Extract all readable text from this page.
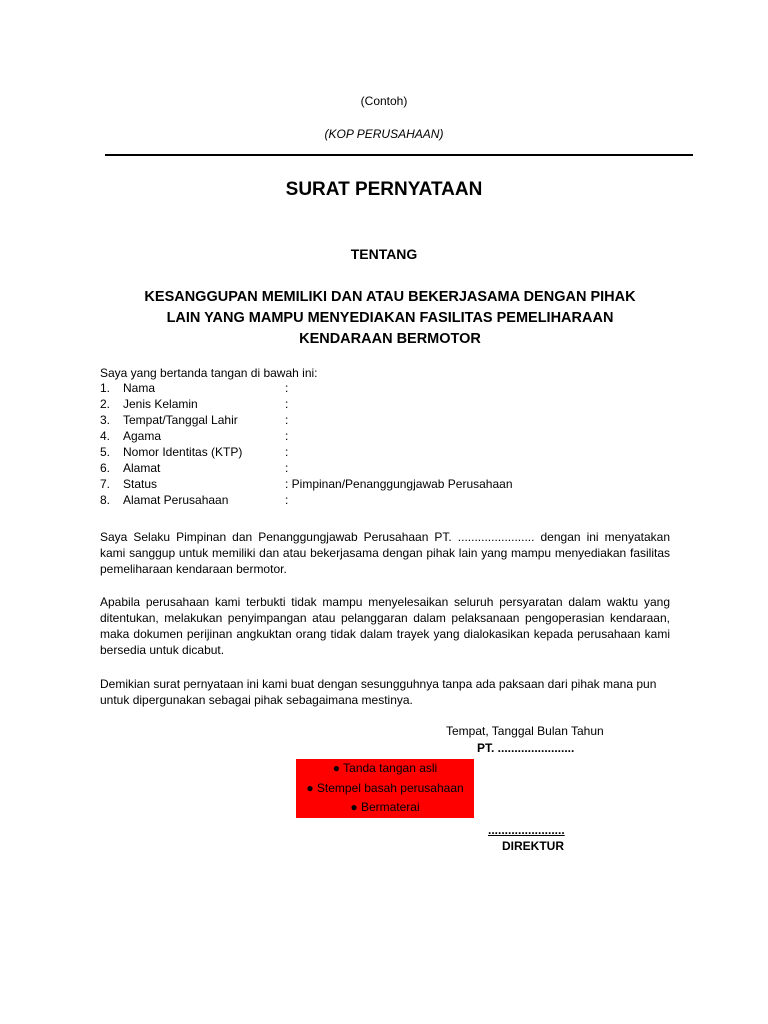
(Contoh)
(KOP PERUSAHAAN)
SURAT PERNYATAAN
TENTANG
KESANGGUPAN MEMILIKI DAN ATAU BEKERJASAMA DENGAN PIHAK
LAIN YANG MAMPU MENYEDIAKAN FASILITAS PEMELIHARAAN
KENDARAAN BERMOTOR
Saya yang bertanda tangan di bawah ini:
1.	Nama	:
2.	Jenis Kelamin	:
3.	Tempat/Tanggal Lahir	:
4.	Agama	:
5.	Nomor Identitas (KTP)	:
6.	Alamat	:
7.	Status	: Pimpinan/Penanggungjawab Perusahaan
8.	Alamat Perusahaan	:
Saya Selaku Pimpinan dan Penanggungjawab Perusahaan PT. ....................... dengan ini menyatakan kami sanggup untuk memiliki dan atau bekerjasama dengan pihak lain yang mampu menyediakan fasilitas pemeliharaan kendaraan bermotor.
Apabila perusahaan kami terbukti tidak mampu menyelesaikan seluruh persyaratan dalam waktu yang ditentukan, melakukan penyimpangan atau pelanggaran dalam pelaksanaan pengoperasian kendaraan, maka dokumen perijinan angkuktan orang tidak dalam trayek yang dialokasikan kepada perusahaan kami bersedia untuk dicabut.
Demikian surat pernyataan ini kami buat dengan sesungguhnya tanpa ada paksaan dari pihak mana pun untuk dipergunakan sebagai pihak sebagaimana mestinya.
Tempat, Tanggal Bulan Tahun
PT. .......................
● Tanda tangan asli
● Stempel basah perusahaan
● Bermaterai
.......................
DIREKTUR
